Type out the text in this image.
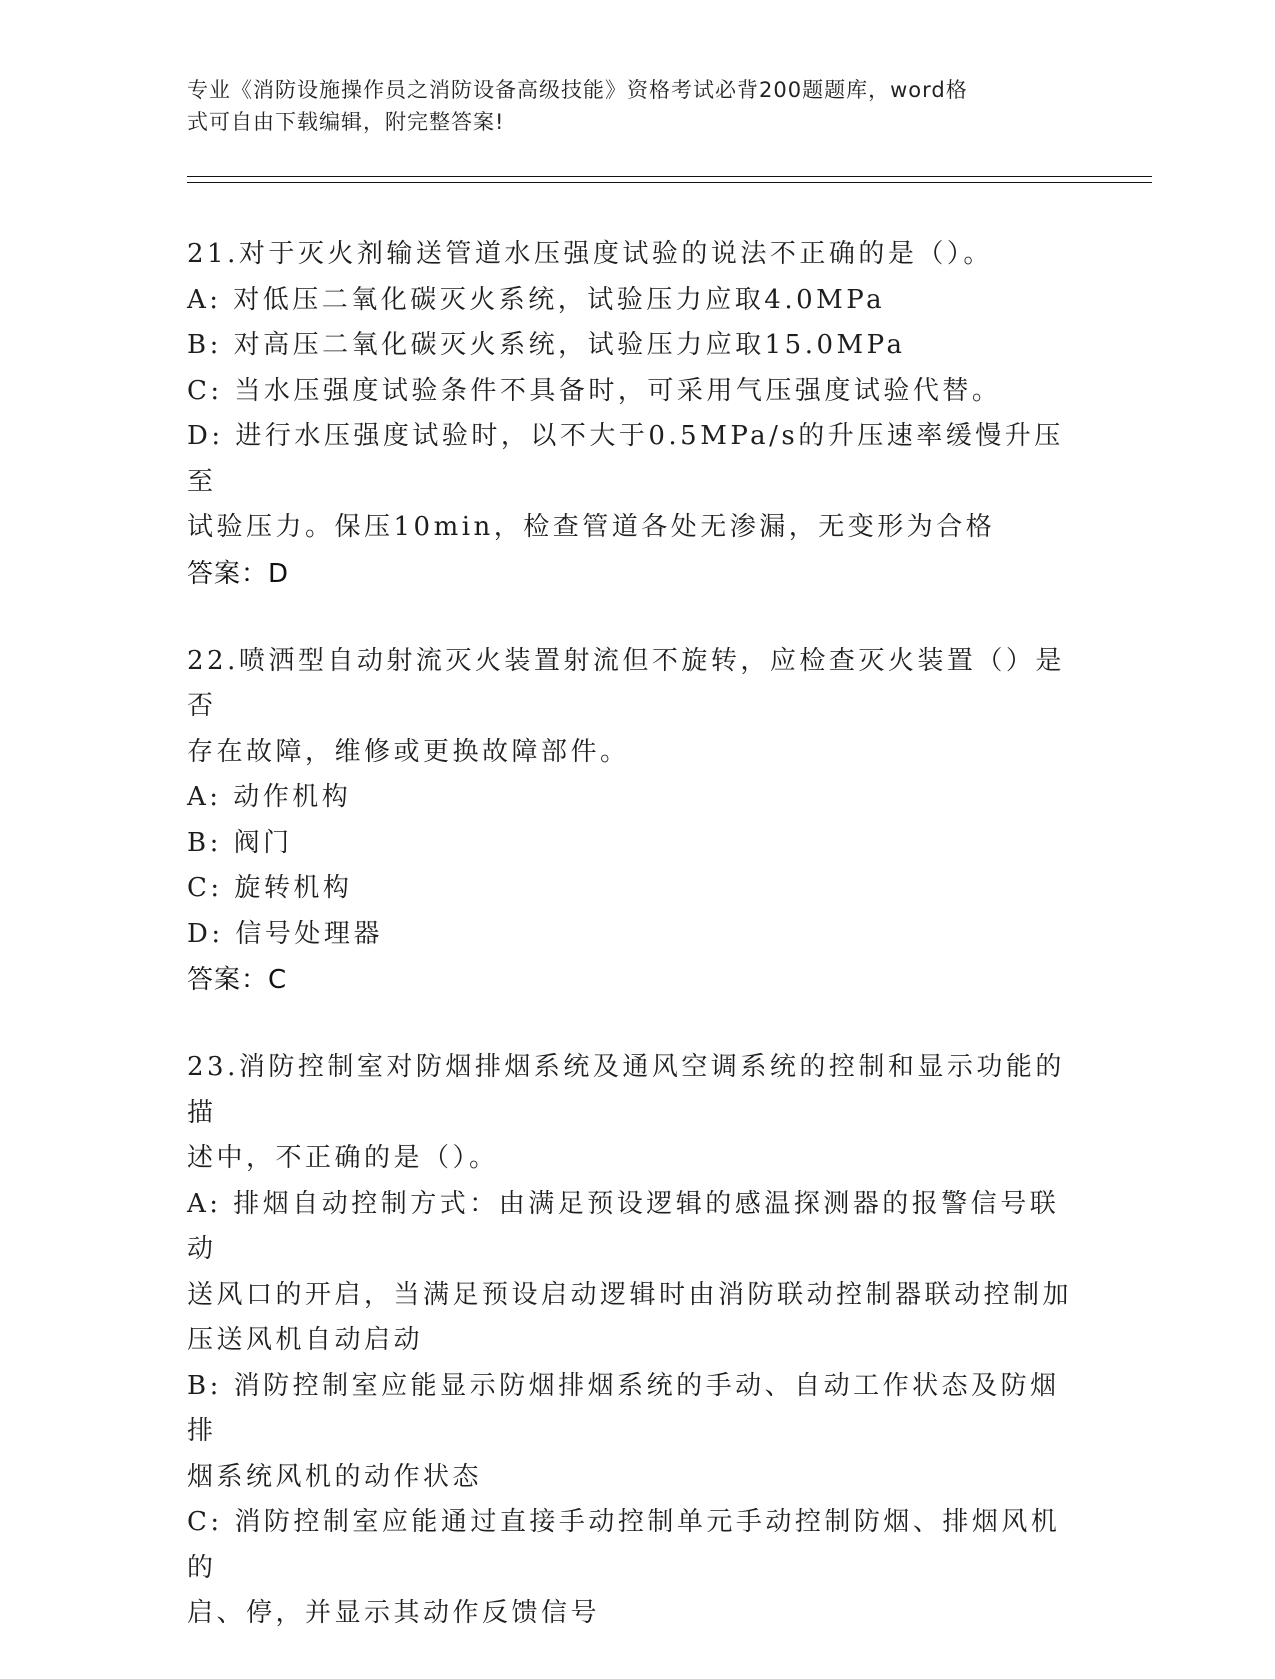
专业《消防设施操作员之消防设备高级技能》资格考试必背200题题库，word格
式可自由下载编辑，附完整答案!
21.对于灭火剂输送管道水压强度试验的说法不正确的是（）。
A: 对低压二氧化碳灭火系统，试验压力应取4.0MPa
B: 对高压二氧化碳灭火系统，试验压力应取15.0MPa
C: 当水压强度试验条件不具备时，可采用气压强度试验代替。
D: 进行水压强度试验时，以不大于0.5MPa/s的升压速率缓慢升压至
试验压力。保压10min，检查管道各处无渗漏，无变形为合格
答案：D
22.喷洒型自动射流灭火装置射流但不旋转，应检查灭火装置（）是否
存在故障，维修或更换故障部件。
A: 动作机构
B: 阀门
C: 旋转机构
D: 信号处理器
答案：C
23.消防控制室对防烟排烟系统及通风空调系统的控制和显示功能的描
述中，不正确的是（）。
A: 排烟自动控制方式：由满足预设逻辑的感温探测器的报警信号联动
送风口的开启，当满足预设启动逻辑时由消防联动控制器联动控制加
压送风机自动启动
B: 消防控制室应能显示防烟排烟系统的手动、自动工作状态及防烟排
烟系统风机的动作状态
C: 消防控制室应能通过直接手动控制单元手动控制防烟、排烟风机的
启、停，并显示其动作反馈信号
